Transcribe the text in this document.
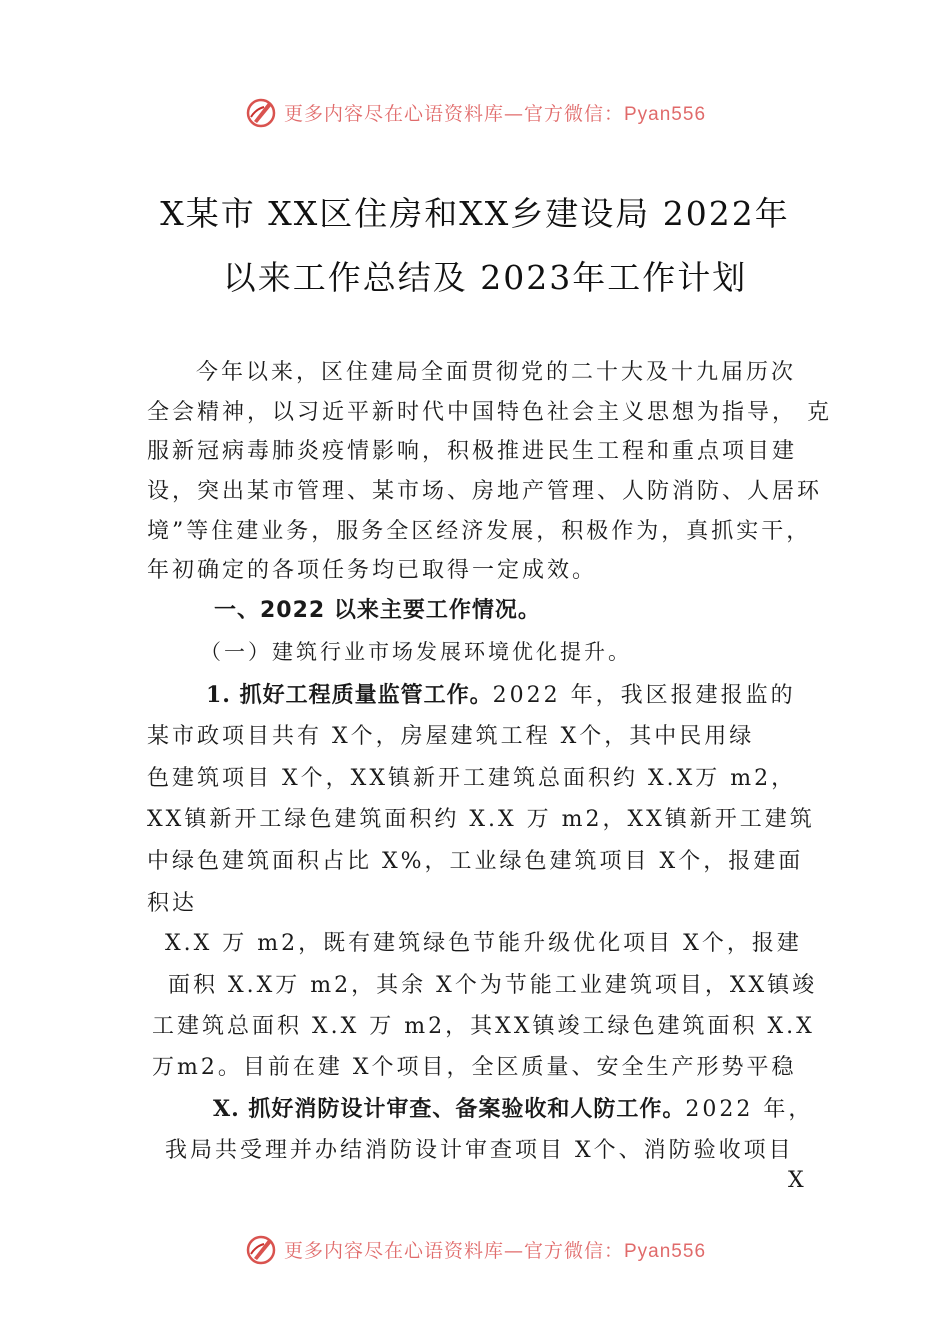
更多内容尽在心语资料库—官方微信：Pyan556
X某市 XX区住房和XX乡建设局 2022年
以来工作总结及 2023年工作计划
今年以来，区住建局全面贯彻党的二十大及十九届历次
全会精神，以习近平新时代中国特色社会主义思想为指导， 克
服新冠病毒肺炎疫情影响，积极推进民生工程和重点项目建
设，突出某市管理、某市场、房地产管理、人防消防、人居环
境”等住建业务，服务全区经济发展，积极作为，真抓实干，
年初确定的各项任务均已取得一定成效。
一、2022 以来主要工作情况。
（一）建筑行业市场发展环境优化提升。
1. 抓好工程质量监管工作。2022 年，我区报建报监的
某市政项目共有 X个，房屋建筑工程 X个，其中民用绿
色建筑项目 X个，XX镇新开工建筑总面积约 X.X万 m2，
XX镇新开工绿色建筑面积约 X.X 万 m2，XX镇新开工建筑
中绿色建筑面积占比 X%，工业绿色建筑项目 X个，报建面
积达
X.X 万 m2，既有建筑绿色节能升级优化项目 X个，报建
面积 X.X万 m2，其余 X个为节能工业建筑项目，XX镇竣
工建筑总面积 X.X 万 m2，其XX镇竣工绿色建筑面积 X.X
万m2。目前在建 X个项目，全区质量、安全生产形势平稳
X. 抓好消防设计审查、备案验收和人防工作。2022 年，
我局共受理并办结消防设计审查项目 X个、消防验收项目
X
更多内容尽在心语资料库—官方微信：Pyan556
